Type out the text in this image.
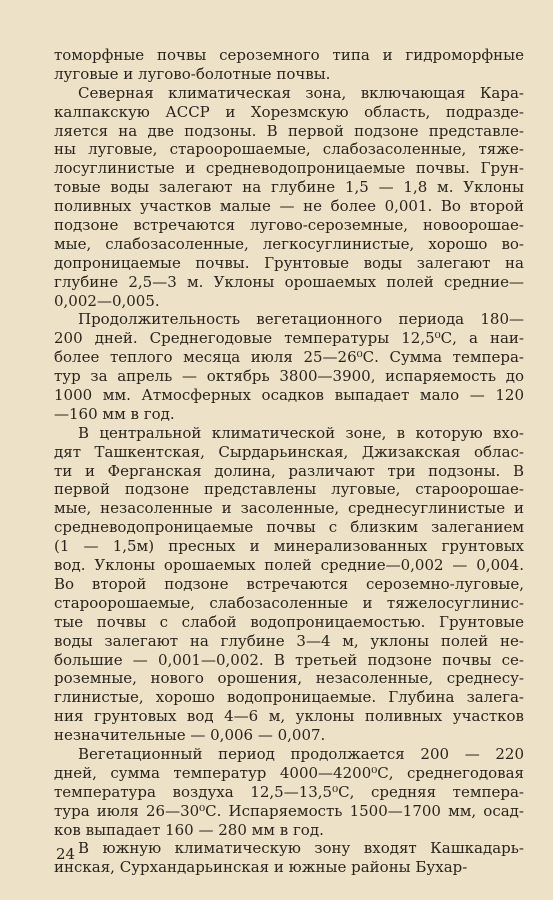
томорфные почвы сероземного типа и гидроморфные
луговые и лугово-болотные почвы.
Северная климатическая зона, включающая Кара-
калпакскую АССР и Хорезмскую область, подразде-
ляется на две подзоны. В первой подзоне представле-
ны луговые, староорошаемые, слабозасоленные, тяже-
лосуглинистые и средневодопроницаемые почвы. Грун-
товые воды залегают на глубине 1,5 — 1,8 м. Уклоны
поливных участков малые — не более 0,001. Во второй
подзоне встречаются лугово-сероземные, новоорошае-
мые, слабозасоленные, легкосуглинистые, хорошо во-
допроницаемые почвы. Грунтовые воды залегают на
глубине 2,5—3 м. Уклоны орошаемых полей средние—
0,002—0,005.
Продолжительность вегетационного периода 180—
200 дней. Среднегодовые температуры 12,5⁰С, а наи-
более теплого месяца июля 25—26⁰С. Сумма темпера-
тур за апрель — октябрь 3800—3900, испаряемость до
1000 мм. Атмосферных осадков выпадает мало — 120
—160 мм в год.
В центральной климатической зоне, в которую вхо-
дят Ташкентская, Сырдарьинская, Джизакская облас-
ти и Ферганская долина, различают три подзоны. В
первой подзоне представлены луговые, староорошае-
мые, незасоленные и засоленные, среднесуглинистые и
средневодопроницаемые почвы с близким залеганием
(1 — 1,5м) пресных и минерализованных грунтовых
вод. Уклоны орошаемых полей средние—0,002 — 0,004.
Во второй подзоне встречаются сероземно-луговые,
староорошаемые, слабозасоленные и тяжелосуглинис-
тые почвы с слабой водопроницаемостью. Грунтовые
воды залегают на глубине 3—4 м, уклоны полей не-
большие — 0,001—0,002. В третьей подзоне почвы се-
роземные, нового орошения, незасоленные, среднесу-
глинистые, хорошо водопроницаемые. Глубина залега-
ния грунтовых вод 4—6 м, уклоны поливных участков
незначительные — 0,006 — 0,007.
Вегетационный период продолжается 200 — 220
дней, сумма температур 4000—4200⁰С, среднегодовая
температура воздуха 12,5—13,5⁰С, средняя темпера-
тура июля 26—30⁰С. Испаряемость 1500—1700 мм, осад-
ков выпадает 160 — 280 мм в год.
В южную климатическую зону входят Кашкадарь-
инская, Сурхандарьинская и южные районы Бухар-
24
